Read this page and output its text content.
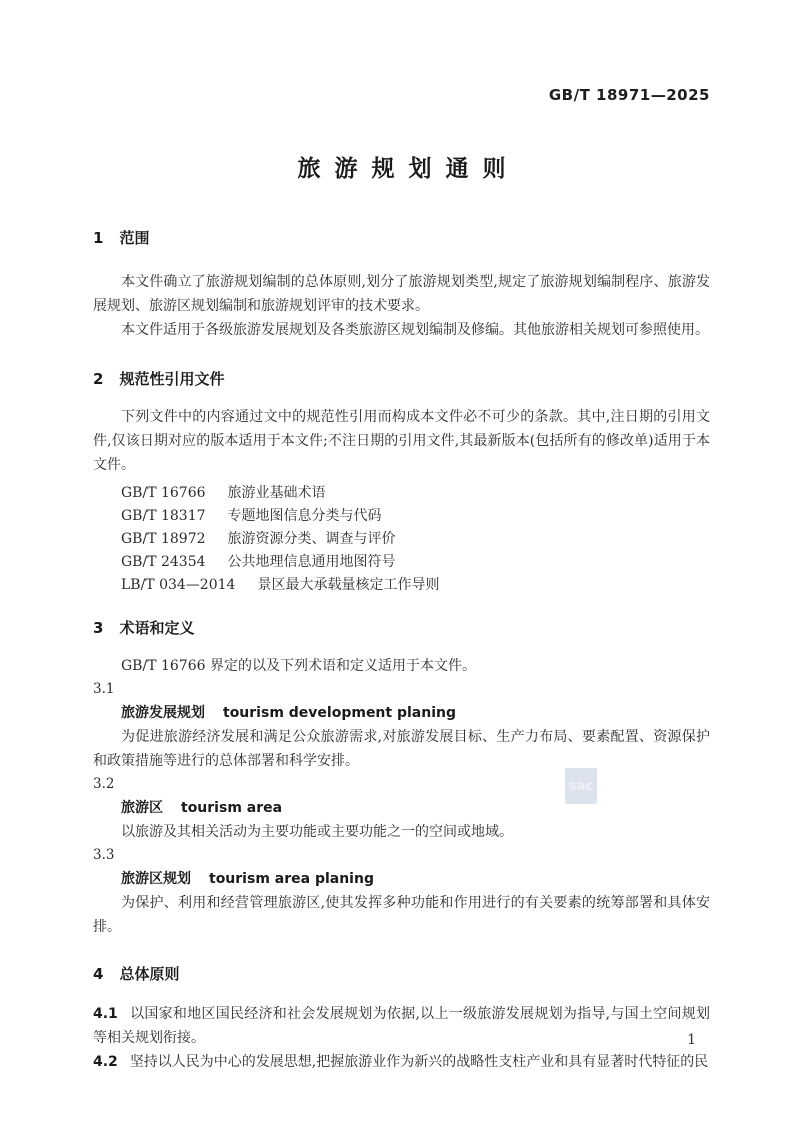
GB/T 18971—2025
旅游规划通则
1 范围

本文件确立了旅游规划编制的总体原则,划分了旅游规划类型,规定了旅游规划编制程序、旅游发展规划、旅游区规划编制和旅游规划评审的技术要求。

本文件适用于各级旅游发展规划及各类旅游区规划编制及修编。其他旅游相关规划可参照使用。

2 规范性引用文件

下列文件中的内容通过文中的规范性引用而构成本文件必不可少的条款。其中,注日期的引用文件,仅该日期对应的版本适用于本文件;不注日期的引用文件,其最新版本(包括所有的修改单)适用于本文件。

GB/T 16766 旅游业基础术语

GB/T 18317 专题地图信息分类与代码

GB/T 18972 旅游资源分类、调查与评价

GB/T 24354 公共地理信息通用地图符号

LB/T 034—2014 景区最大承载量核定工作导则

3 术语和定义

GB/T 16766 界定的以及下列术语和定义适用于本文件。

3.1

旅游发展规划 tourism development planing

为促进旅游经济发展和满足公众旅游需求,对旅游发展目标、生产力布局、要素配置、资源保护和政策措施等进行的总体部署和科学安排。

3.2

旅游区 tourism area

以旅游及其相关活动为主要功能或主要功能之一的空间或地域。

3.3

旅游区规划 tourism area planing

为保护、利用和经营管理旅游区,使其发挥多种功能和作用进行的有关要素的统筹部署和具体安排。

4 总体原则

4.1 以国家和地区国民经济和社会发展规划为依据,以上一级旅游发展规划为指导,与国土空间规划等相关规划衔接。

4.2 坚持以人民为中心的发展思想,把握旅游业作为新兴的战略性支柱产业和具有显著时代特征的民

sac
1
